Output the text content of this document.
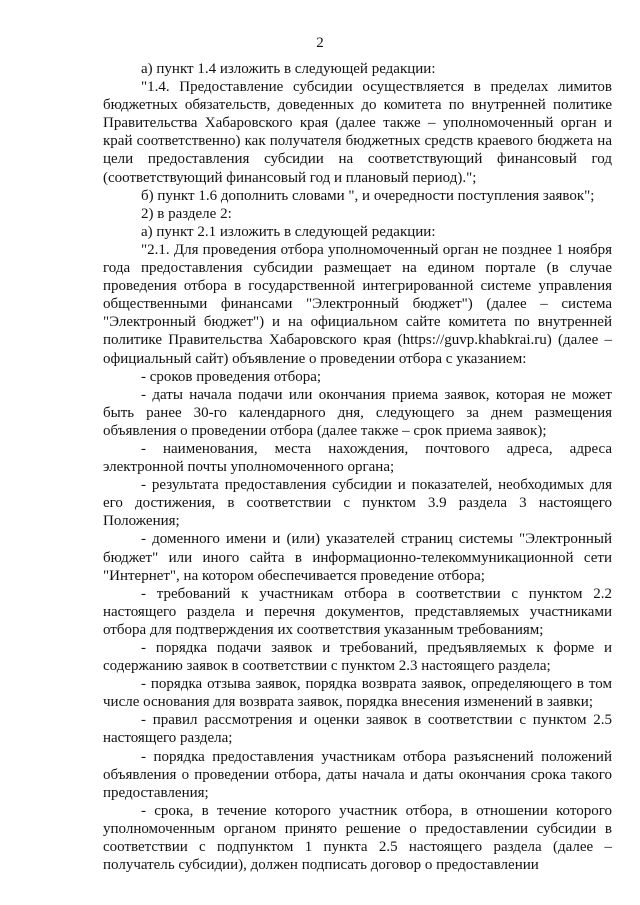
2

а) пункт 1.4 изложить в следующей редакции:

"1.4. Предоставление субсидии осуществляется в пределах лимитов бюджетных обязательств, доведенных до комитета по внутренней политике Правительства Хабаровского края (далее также – уполномоченный орган и край соответственно) как получателя бюджетных средств краевого бюджета на цели предоставления субсидии на соответствующий финансовый год (соответствующий финансовый год и плановый период).";

б) пункт 1.6 дополнить словами ", и очередности поступления заявок";

2) в разделе 2:

а) пункт 2.1 изложить в следующей редакции:

"2.1. Для проведения отбора уполномоченный орган не позднее 1 ноября года предоставления субсидии размещает на едином портале (в случае проведения отбора в государственной интегрированной системе управления общественными финансами "Электронный бюджет") (далее – система "Электронный бюджет") и на официальном сайте комитета по внутренней политике Правительства Хабаровского края (https://guvp.khabkrai.ru) (далее – официальный сайт) объявление о проведении отбора с указанием:

- сроков проведения отбора;

- даты начала подачи или окончания приема заявок, которая не может быть ранее 30-го календарного дня, следующего за днем размещения объявления о проведении отбора (далее также – срок приема заявок);

- наименования, места нахождения, почтового адреса, адреса электронной почты уполномоченного органа;

- результата предоставления субсидии и показателей, необходимых для его достижения, в соответствии с пунктом 3.9 раздела 3 настоящего Положения;

- доменного имени и (или) указателей страниц системы "Электронный бюджет" или иного сайта в информационно-телекоммуникационной сети "Интернет", на котором обеспечивается проведение отбора;

- требований к участникам отбора в соответствии с пунктом 2.2 настоящего раздела и перечня документов, представляемых участниками отбора для подтверждения их соответствия указанным требованиям;

- порядка подачи заявок и требований, предъявляемых к форме и содержанию заявок в соответствии с пунктом 2.3 настоящего раздела;

- порядка отзыва заявок, порядка возврата заявок, определяющего в том числе основания для возврата заявок, порядка внесения изменений в заявки;

- правил рассмотрения и оценки заявок в соответствии с пунктом 2.5 настоящего раздела;

- порядка предоставления участникам отбора разъяснений положений объявления о проведении отбора, даты начала и даты окончания срока такого предоставления;

- срока, в течение которого участник отбора, в отношении которого уполномоченным органом принято решение о предоставлении субсидии в соответствии с подпунктом 1 пункта 2.5 настоящего раздела (далее – получатель субсидии), должен подписать договор о предоставлении
